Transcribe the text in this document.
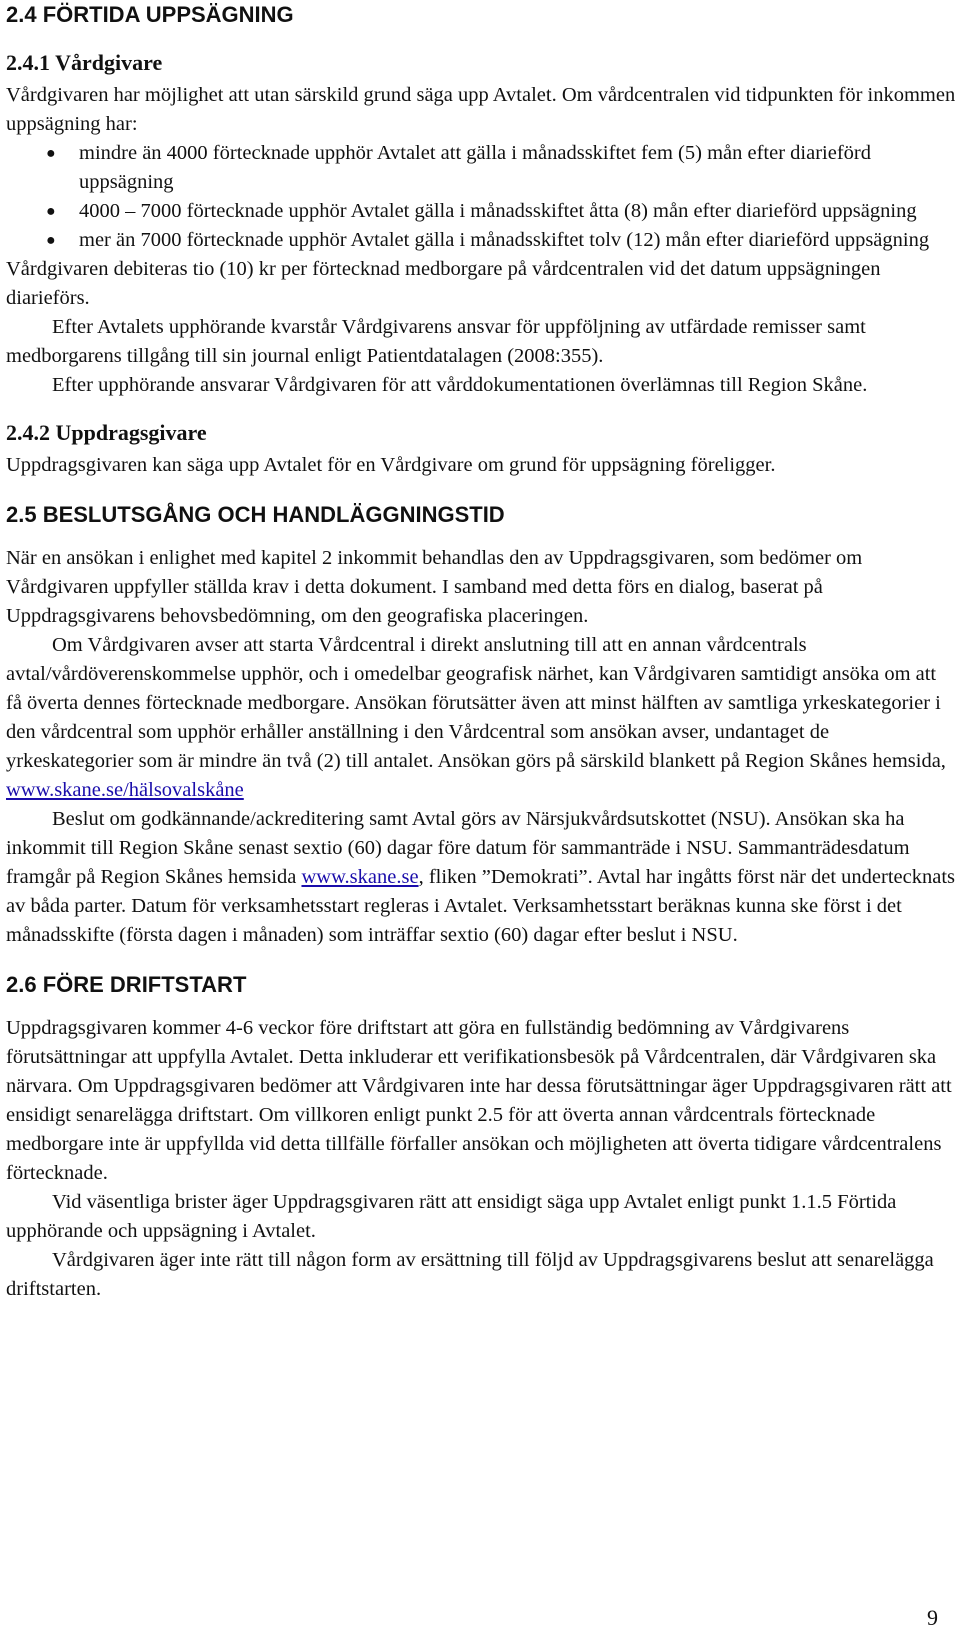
2.4 FÖRTIDA UPPSÄGNING
2.4.1 Vårdgivare

Vårdgivaren har möjlighet att utan särskild grund säga upp Avtalet. Om vårdcentralen vid tidpunkten för inkommen uppsägning har:

● mindre än 4000 förtecknade upphör Avtalet att gälla i månadsskiftet fem (5) mån efter diarieförd uppsägning
● 4000 – 7000 förtecknade upphör Avtalet gälla i månadsskiftet åtta (8) mån efter diarieförd uppsägning
● mer än 7000 förtecknade upphör Avtalet gälla i månadsskiftet tolv (12) mån efter diarieförd uppsägning

Vårdgivaren debiteras tio (10) kr per förtecknad medborgare på vårdcentralen vid det datum uppsägningen diarieförs.

Efter Avtalets upphörande kvarstår Vårdgivarens ansvar för uppföljning av utfärdade remisser samt medborgarens tillgång till sin journal enligt Patientdatalagen (2008:355).

Efter upphörande ansvarar Vårdgivaren för att vårddokumentationen överlämnas till Region Skåne.

2.4.2 Uppdragsgivare

Uppdragsgivaren kan säga upp Avtalet för en Vårdgivare om grund för uppsägning föreligger.

2.5 BESLUTSGÅNG OCH HANDLÄGGNINGSTID

När en ansökan i enlighet med kapitel 2 inkommit behandlas den av Uppdragsgivaren, som bedömer om Vårdgivaren uppfyller ställda krav i detta dokument. I samband med detta förs en dialog, baserat på Uppdragsgivarens behovsbedömning, om den geografiska placeringen.

Om Vårdgivaren avser att starta Vårdcentral i direkt anslutning till att en annan vårdcentrals avtal/vårdöverenskommelse upphör, och i omedelbar geografisk närhet, kan Vårdgivaren samtidigt ansöka om att få överta dennes förtecknade medborgare. Ansökan förutsätter även att minst hälften av samtliga yrkeskategorier i den vårdcentral som upphör erhåller anställning i den Vårdcentral som ansökan avser, undantaget de yrkeskategorier som är mindre än två (2) till antalet. Ansökan görs på särskild blankett på Region Skånes hemsida, www.skane.se/hälsovalskåne

Beslut om godkännande/ackreditering samt Avtal görs av Närsjukvårdsutskottet (NSU). Ansökan ska ha inkommit till Region Skåne senast sextio (60) dagar före datum för sammanträde i NSU. Sammanträdesdatum framgår på Region Skånes hemsida www.skane.se, fliken ”Demokrati”. Avtal har ingåtts först när det undertecknats av båda parter. Datum för verksamhetsstart regleras i Avtalet. Verksamhetsstart beräknas kunna ske först i det månadsskifte (första dagen i månaden) som inträffar sextio (60) dagar efter beslut i NSU.

2.6 FÖRE DRIFTSTART

Uppdragsgivaren kommer 4-6 veckor före driftstart att göra en fullständig bedömning av Vårdgivarens förutsättningar att uppfylla Avtalet. Detta inkluderar ett verifikationsbesök på Vårdcentralen, där Vårdgivaren ska närvara. Om Uppdragsgivaren bedömer att Vårdgivaren inte har dessa förutsättningar äger Uppdragsgivaren rätt att ensidigt senarelägga driftstart. Om villkoren enligt punkt 2.5 för att överta annan vårdcentrals förtecknade medborgare inte är uppfyllda vid detta tillfälle förfaller ansökan och möjligheten att överta tidigare vårdcentralens förtecknade.

Vid väsentliga brister äger Uppdragsgivaren rätt att ensidigt säga upp Avtalet enligt punkt 1.1.5 Förtida upphörande och uppsägning i Avtalet.

Vårdgivaren äger inte rätt till någon form av ersättning till följd av Uppdragsgivarens beslut att senarelägga driftstarten.

9
